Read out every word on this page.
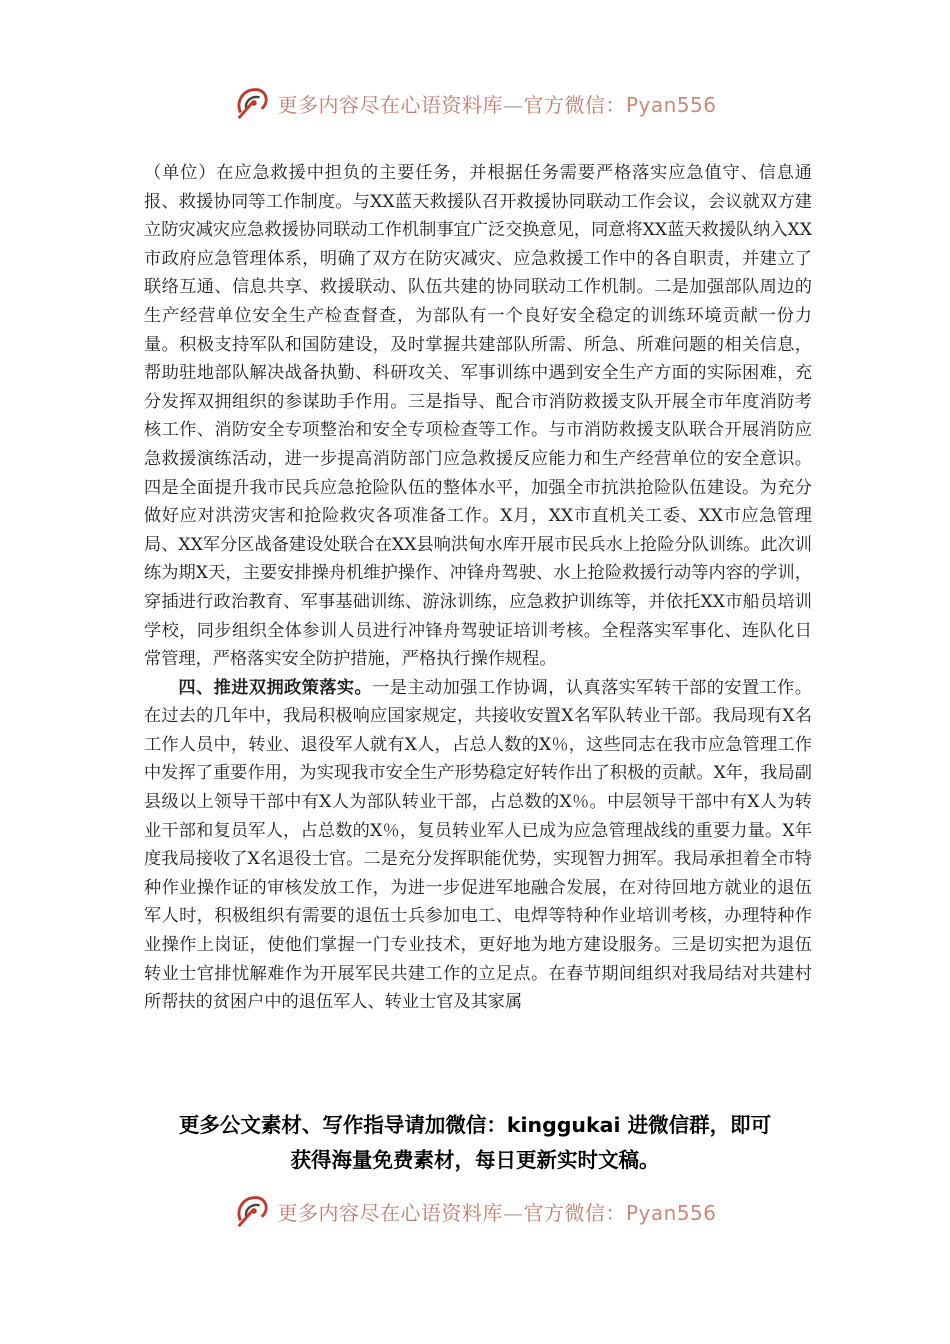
更多内容尽在心语资料库—官方微信：Pyan556

（单位）在应急救援中担负的主要任务，并根据任务需要严格落实应急值守、信息通报、救援协同等工作制度。与XX蓝天救援队召开救援协同联动工作会议，会议就双方建立防灾减灾应急救援协同联动工作机制事宜广泛交换意见，同意将XX蓝天救援队纳入XX市政府应急管理体系，明确了双方在防灾减灾、应急救援工作中的各自职责，并建立了联络互通、信息共享、救援联动、队伍共建的协同联动工作机制。二是加强部队周边的生产经营单位安全生产检查督查，为部队有一个良好安全稳定的训练环境贡献一份力量。积极支持军队和国防建设，及时掌握共建部队所需、所急、所难问题的相关信息，帮助驻地部队解决战备执勤、科研攻关、军事训练中遇到安全生产方面的实际困难，充分发挥双拥组织的参谋助手作用。三是指导、配合市消防救援支队开展全市年度消防考核工作、消防安全专项整治和安全专项检查等工作。与市消防救援支队联合开展消防应急救援演练活动，进一步提高消防部门应急救援反应能力和生产经营单位的安全意识。四是全面提升我市民兵应急抢险队伍的整体水平，加强全市抗洪抢险队伍建设。为充分做好应对洪涝灾害和抢险救灾各项准备工作。X月，XX市直机关工委、XX市应急管理局、XX军分区战备建设处联合在XX县响洪甸水库开展市民兵水上抢险分队训练。此次训练为期X天，主要安排操舟机维护操作、冲锋舟驾驶、水上抢险救援行动等内容的学训，穿插进行政治教育、军事基础训练、游泳训练，应急救护训练等，并依托XX市船员培训学校，同步组织全体参训人员进行冲锋舟驾驶证培训考核。全程落实军事化、连队化日常管理，严格落实安全防护措施，严格执行操作规程。

四、推进双拥政策落实。一是主动加强工作协调，认真落实军转干部的安置工作。在过去的几年中，我局积极响应国家规定，共接收安置X名军队转业干部。我局现有X名工作人员中，转业、退役军人就有X人，占总人数的X％，这些同志在我市应急管理工作中发挥了重要作用，为实现我市安全生产形势稳定好转作出了积极的贡献。X年，我局副县级以上领导干部中有X人为部队转业干部，占总数的X％。中层领导干部中有X人为转业干部和复员军人，占总数的X％，复员转业军人已成为应急管理战线的重要力量。X年度我局接收了X名退役士官。二是充分发挥职能优势，实现智力拥军。我局承担着全市特种作业操作证的审核发放工作，为进一步促进军地融合发展，在对待回地方就业的退伍军人时，积极组织有需要的退伍士兵参加电工、电焊等特种作业培训考核，办理特种作业操作上岗证，使他们掌握一门专业技术，更好地为地方建设服务。三是切实把为退伍转业士官排忧解难作为开展军民共建工作的立足点。在春节期间组织对我局结对共建村所帮扶的贫困户中的退伍军人、转业士官及其家属

更多公文素材、写作指导请加微信：kinggukai 进微信群，即可
获得海量免费素材，每日更新实时文稿。
更多内容尽在心语资料库—官方微信：Pyan556
